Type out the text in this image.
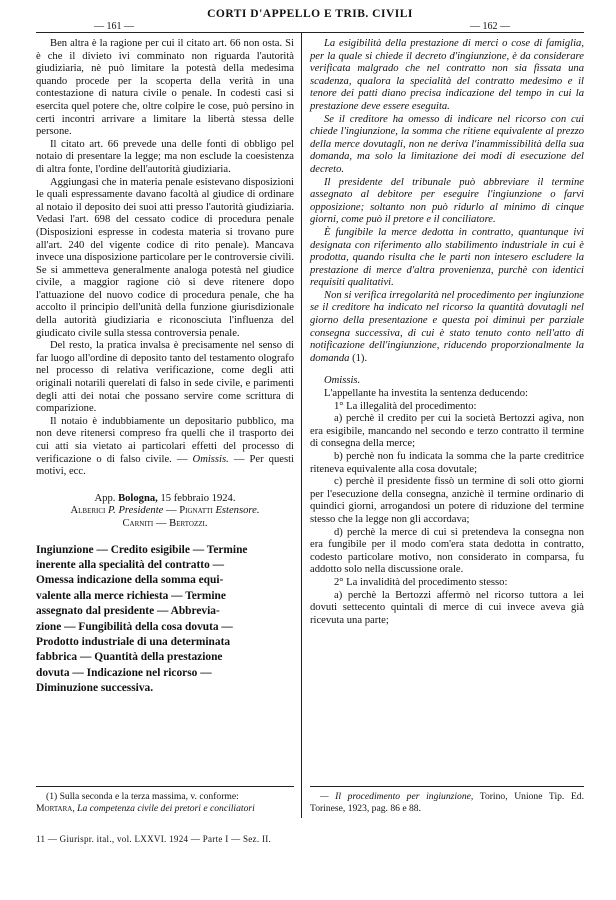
CORTI D'APPELLO E TRIB. CIVILI
— 161 —	— 162 —

Ben altra è la ragione per cui il citato art. 66 non osta. Si è che il divieto ivi comminato non riguarda l'autorità giudiziaria, nè può limitare la potestà della medesima quando procede per la scoperta della verità in una contestazione di natura civile o penale. In codesti casi si esercita quel potere che, oltre colpire le cose, può persino in certi incontri arrivare a limitare la libertà stessa delle persone.

Il citato art. 66 prevede una delle fonti di obbligo pel notaio di presentare la legge; ma non esclude la coesistenza di altra fonte, l'ordine dell'autorità giudiziaria.

Aggiungasi che in materia penale esistevano disposizioni le quali espressamente davano facoltà al giudice di ordinare al notaio il deposito dei suoi atti presso l'autorità giudiziaria. Vedasi l'art. 698 del cessato codice di procedura penale (Disposizioni espresse in codesta materia si trovano pure all'art. 240 del vigente codice di rito penale). Mancava invece una disposizione particolare per le controversie civili. Se si ammetteva generalmente analoga potestà nel giudice civile, a maggior ragione ciò si deve ritenere dopo l'attuazione del nuovo codice di procedura penale, che ha accolto il principio dell'unità della funzione giurisdizionale della autorità giudiziaria e riconosciuta l'influenza del giudicato civile sulla stessa controversia penale.

Del resto, la pratica invalsa è precisamente nel senso di far luogo all'ordine di deposito tanto del testamento olografo nel processo di relativa verificazione, come degli atti originali notarili querelati di falso in sede civile, e parimenti degli atti dei notai che possano servire come scrittura di comparizione.

Il notaio è indubbiamente un depositario pubblico, ma non deve ritenersi compreso fra quelli che il trasporto dei cui atti sia vietato ai particolari effetti del processo di verificazione o di falso civile. — Omissis. — Per questi motivi, ecc.

App. Bologna, 15 febbraio 1924.

Alberici P. Presidente — Pignatti Estensore.

Carniti — Bertozzi.

Ingiunzione — Credito esigibile — Termine
inerente alla specialità del contratto —
Omessa indicazione della somma equi-
valente alla merce richiesta — Termine
assegnato dal presidente — Abbrevia-
zione — Fungibilità della cosa dovuta —
Prodotto industriale di una determinata
fabbrica — Quantità della prestazione
dovuta — Indicazione nel ricorso —
Diminuzione successiva.

(1) Sulla seconda e la terza massima, v. conforme:

Mortara, La competenza civile dei pretori e conciliatori

La esigibilità della prestazione di merci o cose di famiglia, per la quale si chiede il decreto d'ingiunzione, è da considerare verificata malgrado che nel contratto non sia fissata una scadenza, qualora la specialità del contratto medesimo e il tenore dei patti diano precisa indicazione del tempo in cui la prestazione deve essere eseguita.

Se il creditore ha omesso di indicare nel ricorso con cui chiede l'ingiunzione, la somma che ritiene equivalente al prezzo della merce dovutagli, non ne deriva l'inammissibilità della sua domanda, ma solo la limitazione dei modi di esecuzione del decreto.

Il presidente del tribunale può abbreviare il termine assegnato al debitore per eseguire l'ingiunzione o farvi opposizione; soltanto non può ridurlo al minimo di cinque giorni, come può il pretore e il conciliatore.

È fungibile la merce dedotta in contratto, quantunque ivi designata con riferimento allo stabilimento industriale in cui è prodotta, quando risulta che le parti non intesero escludere la prestazione di merce d'altra provenienza, purchè con identici requisiti qualitativi.

Non si verifica irregolarità nel procedimento per ingiunzione se il creditore ha indicato nel ricorso la quantità dovutagli nel giorno della presentazione e questa poi diminuì per parziale consegna successiva, di cui è stato tenuto conto nell'atto di notificazione dell'ingiunzione, riducendo proporzionalmente la domanda (1).

Omissis.

L'appellante ha investita la sentenza deducendo:

1° La illegalità del procedimento:

a) perchè il credito per cui la società Bertozzi agiva, non era esigibile, mancando nel secondo e terzo contratto il termine di consegna della merce;

b) perchè non fu indicata la somma che la parte creditrice riteneva equivalente alla cosa dovutale;

c) perchè il presidente fissò un termine di soli otto giorni per l'esecuzione della consegna, anzichè il termine ordinario di quindici giorni, arrogandosi un potere di riduzione del termine stesso che la legge non gli accordava;

d) perchè la merce di cui si pretendeva la consegna non era fungibile per il modo com'era stata dedotta in contratto, codesto particolare motivo, non considerato in comparsa, fu addotto solo nella discussione orale.

2° La invalidità del procedimento stesso:

a) perchè la Bertozzi affermò nel ricorso tuttora a lei dovuti settecento quintali di merce di cui invece aveva già ricevuta una parte;

— Il procedimento per ingiunzione, Torino, Unione Tip. Ed. Torinese, 1923, pag. 86 e 88.

11 — Giurispr. ital., vol. LXXVI. 1924 — Parte I — Sez. II.
